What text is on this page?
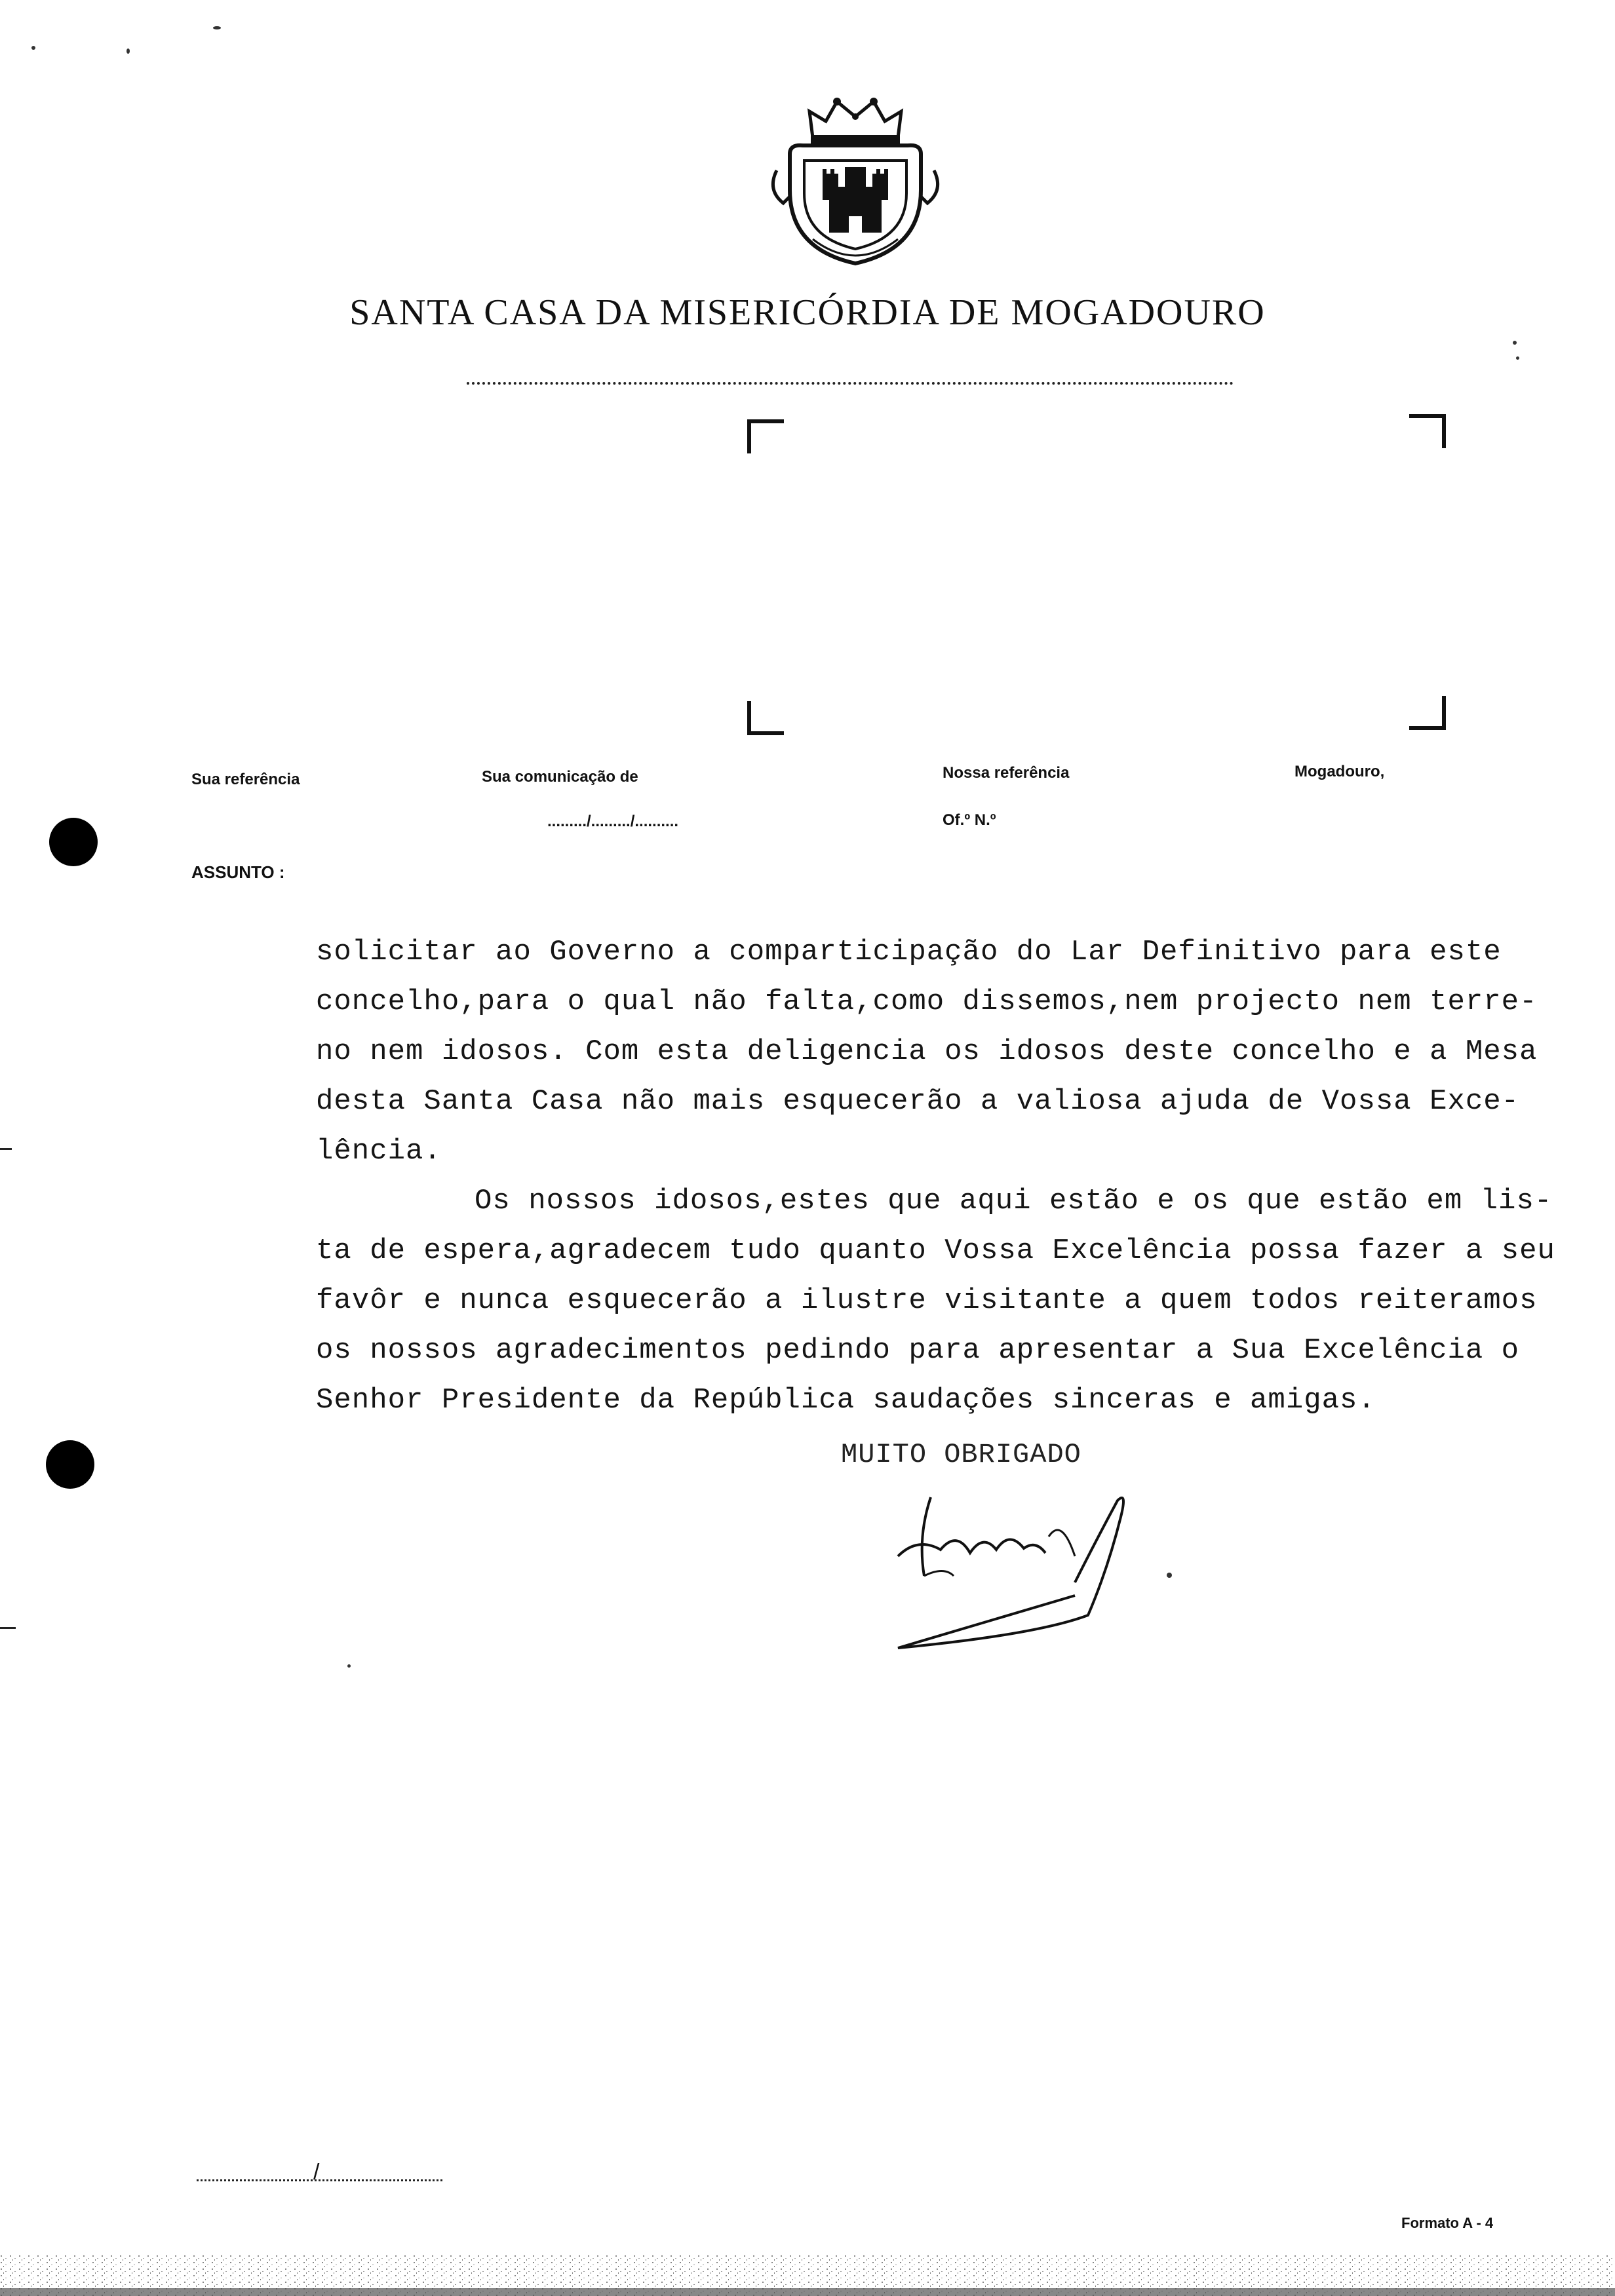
SANTA CASA DA MISERICÓRDIA DE MOGADOURO
Sua referência	Sua comunicação de	Nossa referência	Mogadouro,
........./........./..........	Of.º N.º
ASSUNTO :
solicitar ao Governo a comparticipação do Lar Definitivo para este
concelho,para o qual não falta,como dissemos,nem projecto nem terre-
no nem idosos. Com esta deligencia os idosos deste concelho e a Mesa
desta Santa Casa não mais esquecerão a valiosa ajuda de Vossa Exce-
lência.
Os nossos idosos,estes que aqui estão e os que estão em lis-
ta de espera,agradecem tudo quanto Vossa Excelência possa fazer a seu
favôr e nunca esquecerão a ilustre visitante a quem todos reiteramos
os nossos agradecimentos pedindo para apresentar a Sua Excelência o
Senhor Presidente da República saudações sinceras e amigas.
MUITO OBRIGADO
/
Formato A - 4
